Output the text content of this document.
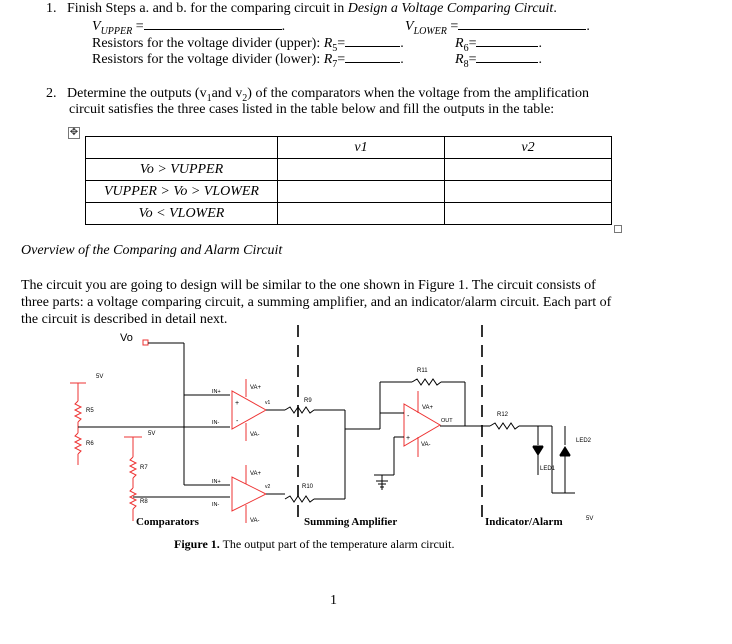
1. Finish Steps a. and b. for the comparing circuit in Design a Voltage Comparing Circuit.
$V_{UPPER}$ =	.	$V_{LOWER}$ =	.
Resistors for the voltage divider (upper): $R_5=$	.	$R_6=$	.
Resistors for the voltage divider (lower): $R_7=$	.	$R_8=$	.
2. Determine the outputs ($v_1and$ $v_2$) of the comparators when the voltage from the amplification
circuit satisfies the three cases listed in the table below and fill the outputs in the table:
✥
	v1	v2
Vo > VUPPER		
VUPPER > Vo > VLOWER		
Vo < VLOWER		
Overview of the Comparing and Alarm Circuit
The circuit you are going to design will be similar to the one shown in Figure 1. The circuit consists of
three parts: a voltage comparing circuit, a summing amplifier, and an indicator/alarm circuit. Each part of
the circuit is described in detail next.
Vo
5V
R5
R6
5V
R7
R8
IN+
IN-
+
-
VA+
VA-
v1	R9
IN+
IN-
VA+
VA-
v2	R10
R11
-
+
VA+
VA-
OUT
R12
LED1
LED2
5V
Comparators	Summing Amplifier	Indicator/Alarm
Figure 1. The output part of the temperature alarm circuit.
1
